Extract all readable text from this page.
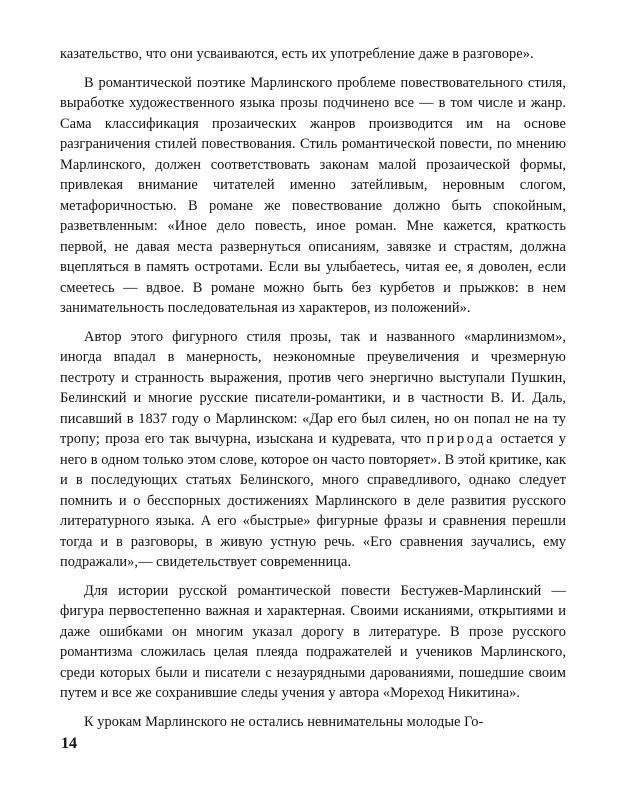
казательство, что они усваиваются, есть их употребление даже в разговоре».

В романтической поэтике Марлинского проблеме повествовательного стиля, выработке художественного языка прозы подчинено все — в том числе и жанр. Сама классификация прозаических жанров производится им на основе разграничения стилей повествования. Стиль романтической повести, по мнению Марлинского, должен соответствовать законам малой прозаической формы, привлекая внимание читателей именно затейливым, неровным слогом, метафоричностью. В романе же повествование должно быть спокойным, разветвленным: «Иное дело повесть, иное роман. Мне кажется, краткость первой, не давая места развернуться описаниям, завязке и страстям, должна вцепляться в память остротами. Если вы улыбаетесь, читая ее, я доволен, если смеетесь — вдвое. В романе можно быть без курбетов и прыжков: в нем занимательность последовательная из характеров, из положений».

Автор этого фигурного стиля прозы, так и названного «марлинизмом», иногда впадал в манерность, неэкономные преувеличения и чрезмерную пестроту и странность выражения, против чего энергично выступали Пушкин, Белинский и многие русские писатели-романтики, и в частности В. И. Даль, писавший в 1837 году о Марлинском: «Дар его был силен, но он попал не на ту тропу; проза его так вычурна, изыскана и кудревата, что природа остается у него в одном только этом слове, которое он часто повторяет». В этой критике, как и в последующих статьях Белинского, много справедливого, однако следует помнить и о бесспорных достижениях Марлинского в деле развития русского литературного языка. А его «быстрые» фигурные фразы и сравнения перешли тогда и в разговоры, в живую устную речь. «Его сравнения заучались, ему подражали»,— свидетельствует современница.

Для истории русской романтической повести Бестужев-Марлинский — фигура первостепенно важная и характерная. Своими исканиями, открытиями и даже ошибками он многим указал дорогу в литературе. В прозе русского романтизма сложилась целая плеяда подражателей и учеников Марлинского, среди которых были и писатели с незаурядными дарованиями, пошедшие своим путем и все же сохранившие следы учения у автора «Мореход Никитина».

К урокам Марлинского не остались невнимательны молодые Го-

14
